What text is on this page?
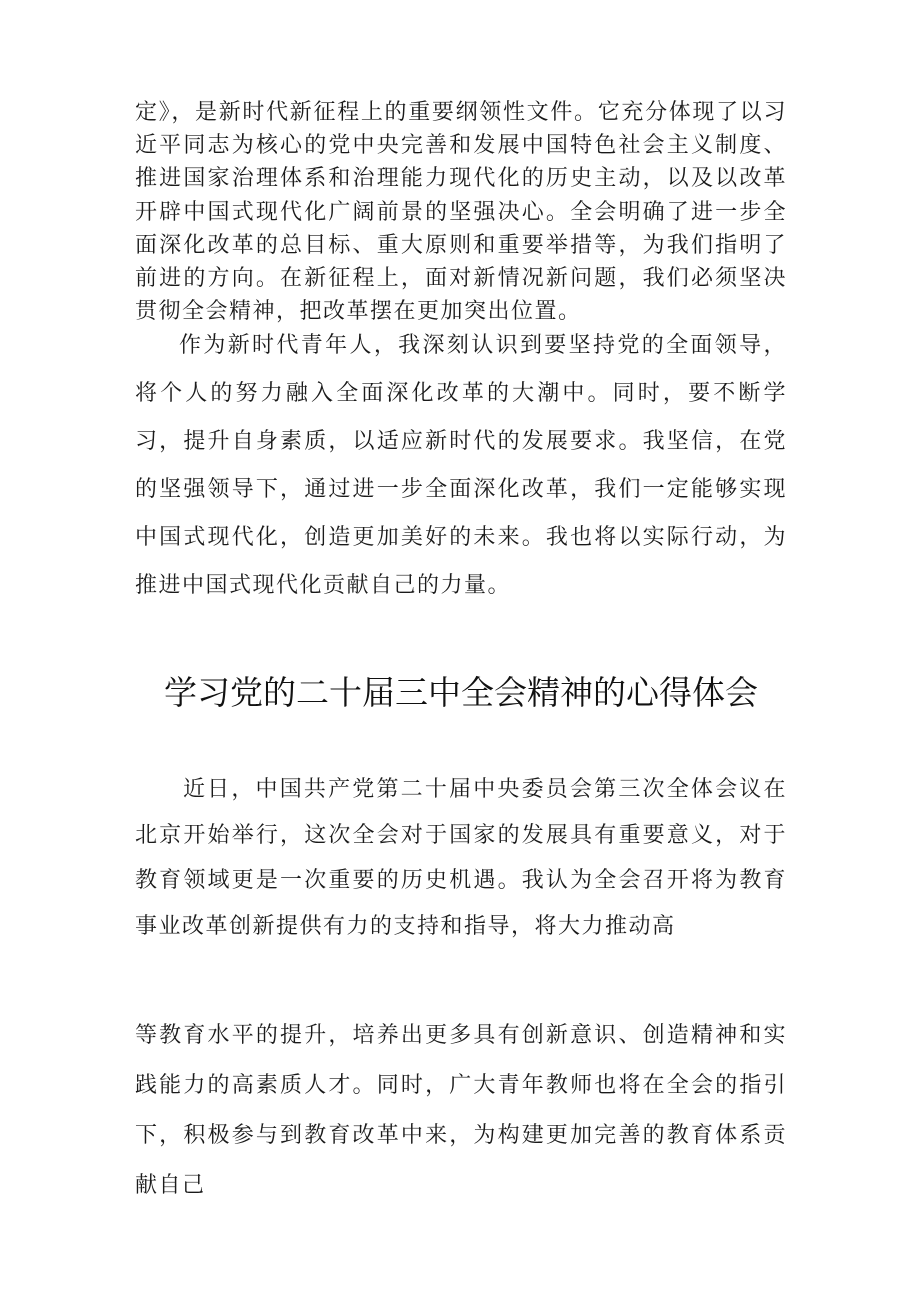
定》，是新时代新征程上的重要纲领性文件。它充分体现了以习近平同志为核心的党中央完善和发展中国特色社会主义制度、推进国家治理体系和治理能力现代化的历史主动，以及以改革开辟中国式现代化广阔前景的坚强决心。全会明确了进一步全面深化改革的总目标、重大原则和重要举措等，为我们指明了前进的方向。在新征程上，面对新情况新问题，我们必须坚决贯彻全会精神，把改革摆在更加突出位置。

作为新时代青年人，我深刻认识到要坚持党的全面领导，将个人的努力融入全面深化改革的大潮中。同时，要不断学习，提升自身素质，以适应新时代的发展要求。我坚信，在党的坚强领导下，通过进一步全面深化改革，我们一定能够实现中国式现代化，创造更加美好的未来。我也将以实际行动，为推进中国式现代化贡献自己的力量。

学习党的二十届三中全会精神的心得体会

近日，中国共产党第二十届中央委员会第三次全体会议在北京开始举行，这次全会对于国家的发展具有重要意义，对于教育领域更是一次重要的历史机遇。我认为全会召开将为教育事业改革创新提供有力的支持和指导，将大力推动高

等教育水平的提升，培养出更多具有创新意识、创造精神和实践能力的高素质人才。同时，广大青年教师也将在全会的指引下，积极参与到教育改革中来，为构建更加完善的教育体系贡献自己
